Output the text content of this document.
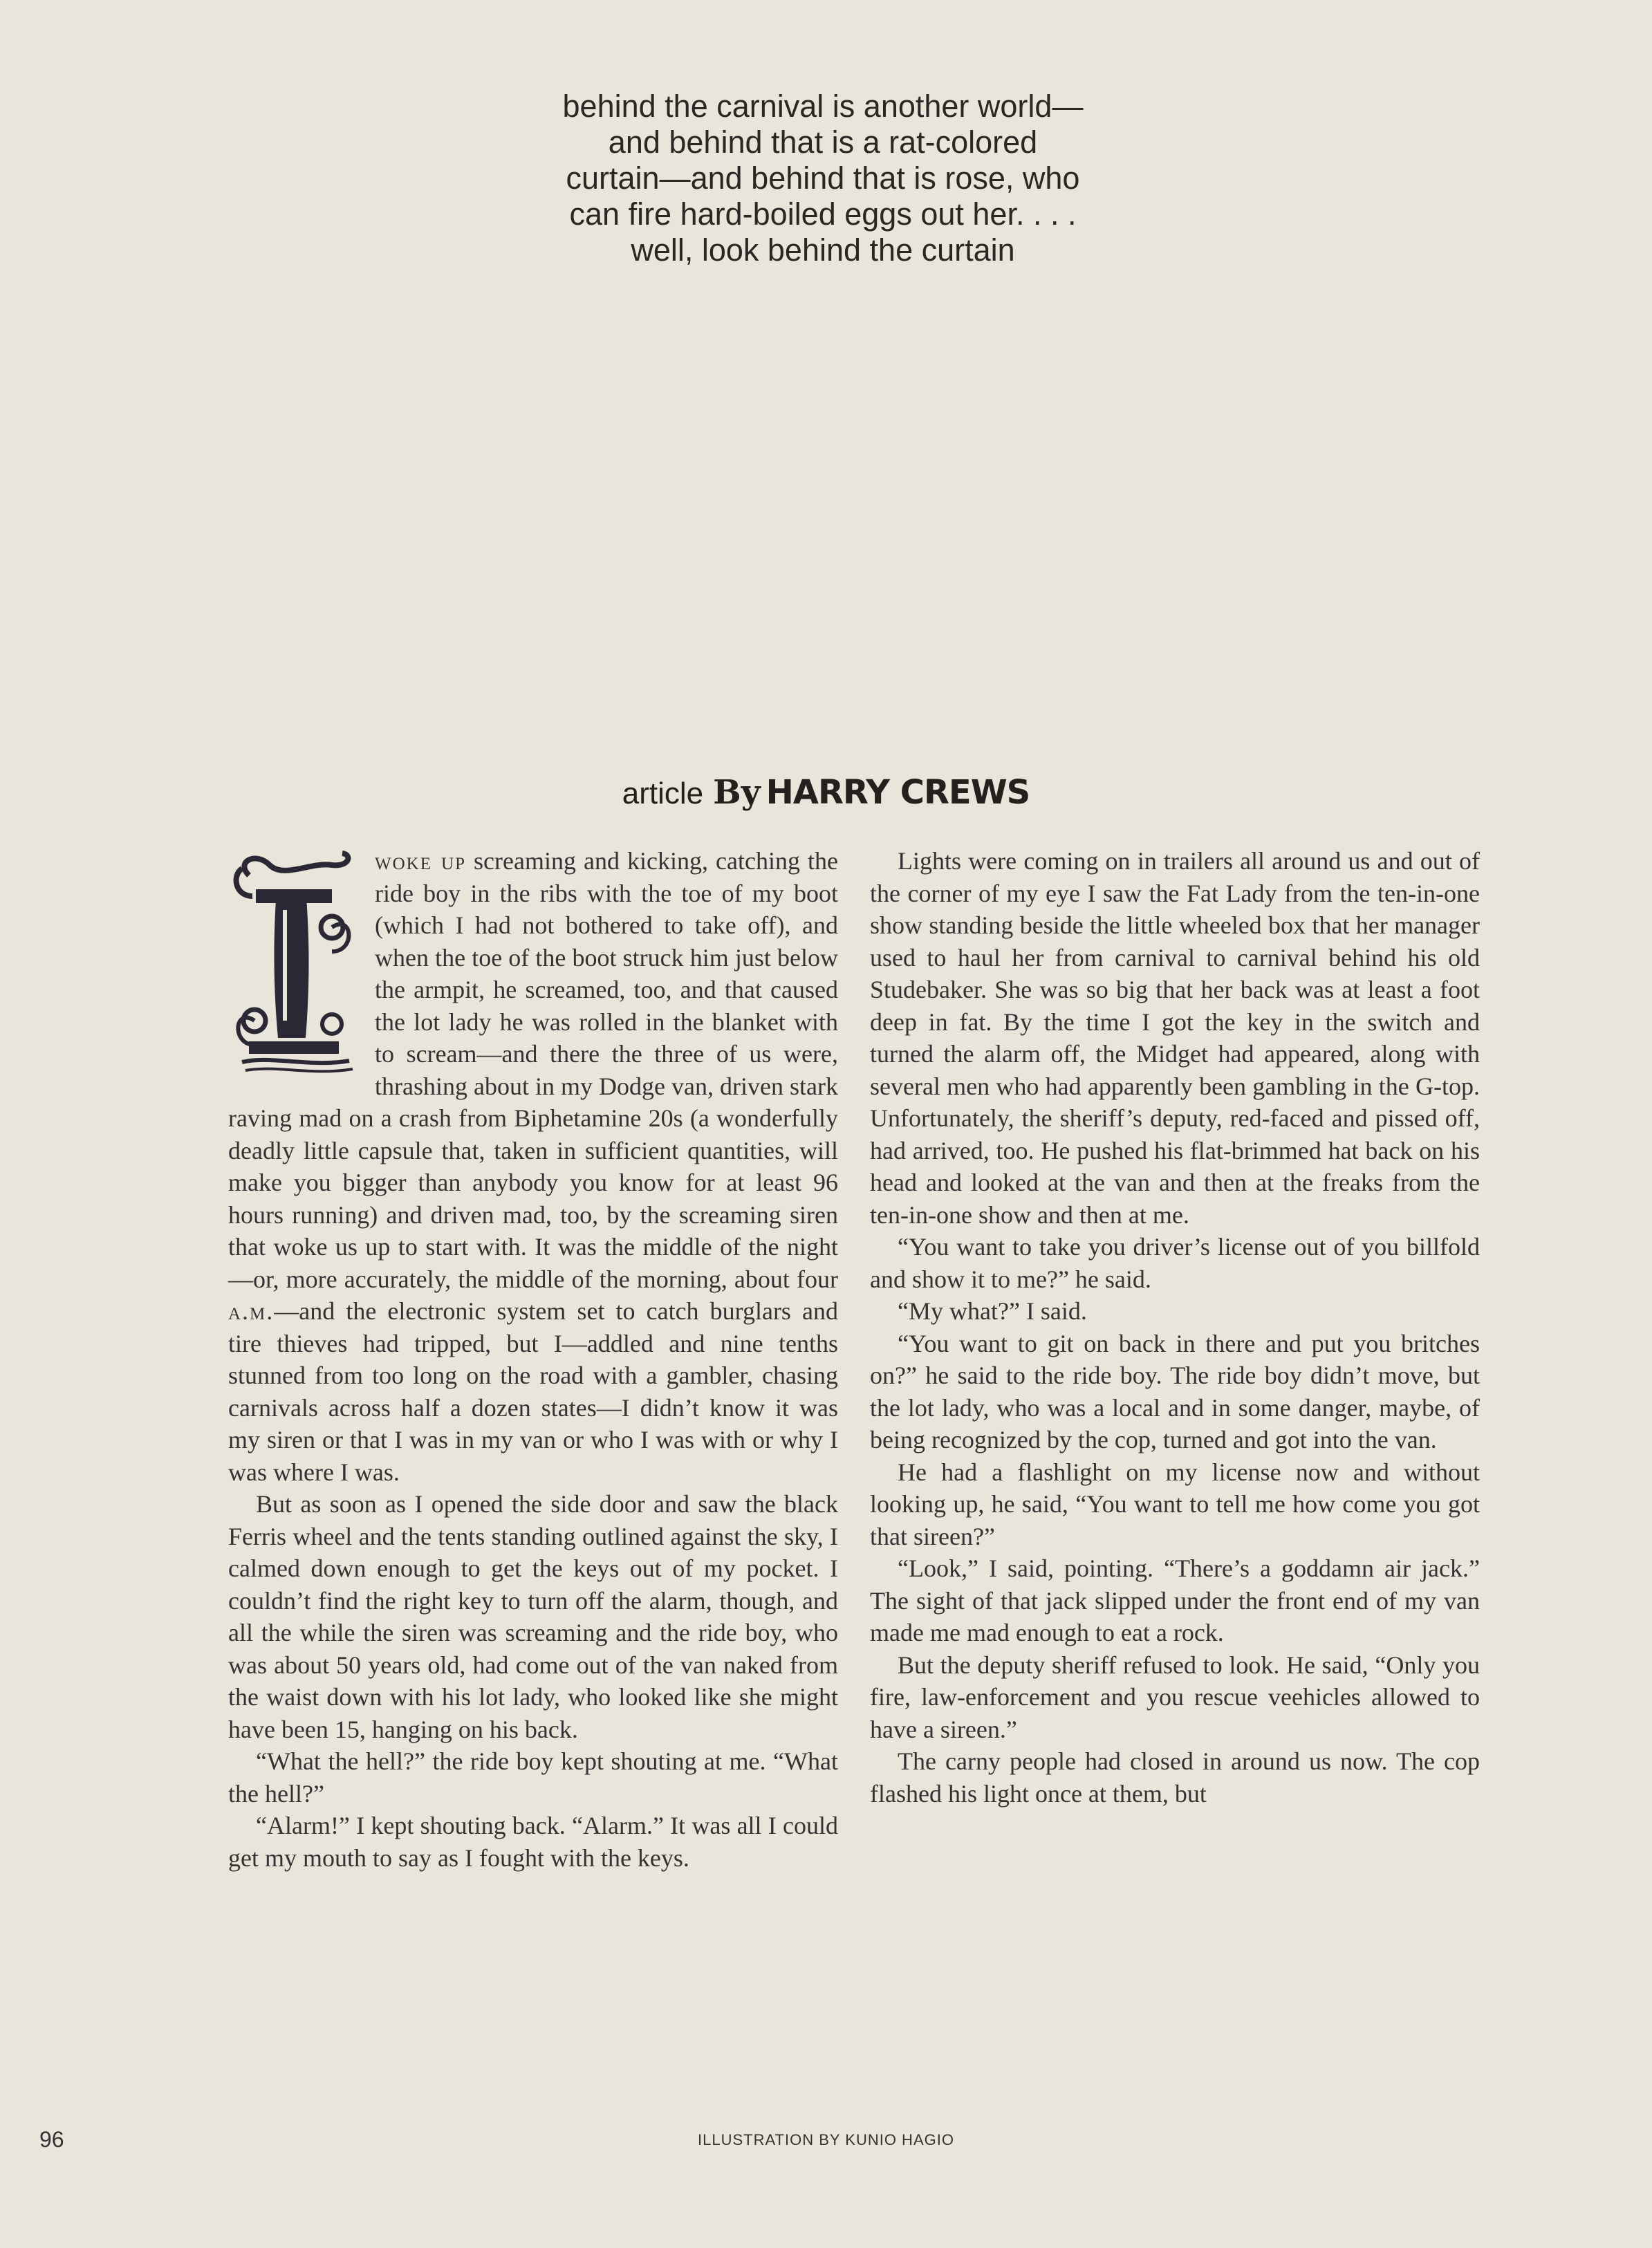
behind the carnival is another world—
and behind that is a rat-colored
curtain—and behind that is rose, who
can fire hard-boiled eggs out her. . . .
well, look behind the curtain
article By HARRY CREWS

woke up screaming and kicking, catching the ride boy in the ribs with the toe of my boot (which I had not bothered to take off), and when the toe of the boot struck him just below the armpit, he screamed, too, and that caused the lot lady he was rolled in the blanket with to scream—and there the three of us were, thrashing about in my Dodge van, driven stark raving mad on a crash from Biphetamine 20s (a wonderfully deadly little capsule that, taken in sufficient quantities, will make you bigger than anybody you know for at least 96 hours running) and driven mad, too, by the screaming siren that woke us up to start with. It was the middle of the night—or, more accurately, the middle of the morning, about four a.m.—and the electronic system set to catch burglars and tire thieves had tripped, but I—addled and nine tenths stunned from too long on the road with a gambler, chasing carnivals across half a dozen states—I didn’t know it was my siren or that I was in my van or who I was with or why I was where I was.

But as soon as I opened the side door and saw the black Ferris wheel and the tents standing outlined against the sky, I calmed down enough to get the keys out of my pocket. I couldn’t find the right key to turn off the alarm, though, and all the while the siren was screaming and the ride boy, who was about 50 years old, had come out of the van naked from the waist down with his lot lady, who looked like she might have been 15, hanging on his back.

“What the hell?” the ride boy kept shouting at me. “What the hell?”

“Alarm!” I kept shouting back. “Alarm.” It was all I could get my mouth to say as I fought with the keys.

Lights were coming on in trailers all around us and out of the corner of my eye I saw the Fat Lady from the ten-in-one show standing beside the little wheeled box that her manager used to haul her from carnival to carnival behind his old Studebaker. She was so big that her back was at least a foot deep in fat. By the time I got the key in the switch and turned the alarm off, the Midget had appeared, along with several men who had apparently been gambling in the G-top. Unfortunately, the sheriff’s deputy, red-faced and pissed off, had arrived, too. He pushed his flat-brimmed hat back on his head and looked at the van and then at the freaks from the ten-in-one show and then at me.

“You want to take you driver’s license out of you billfold and show it to me?” he said.

“My what?” I said.

“You want to git on back in there and put you britches on?” he said to the ride boy. The ride boy didn’t move, but the lot lady, who was a local and in some danger, maybe, of being recognized by the cop, turned and got into the van.

He had a flashlight on my license now and without looking up, he said, “You want to tell me how come you got that sireen?”

“Look,” I said, pointing. “There’s a goddamn air jack.” The sight of that jack slipped under the front end of my van made me mad enough to eat a rock.

But the deputy sheriff refused to look. He said, “Only you fire, law-enforcement and you rescue veehicles allowed to have a sireen.”

The carny people had closed in around us now. The cop flashed his light once at them, but

96	ILLUSTRATION BY KUNIO HAGIO
